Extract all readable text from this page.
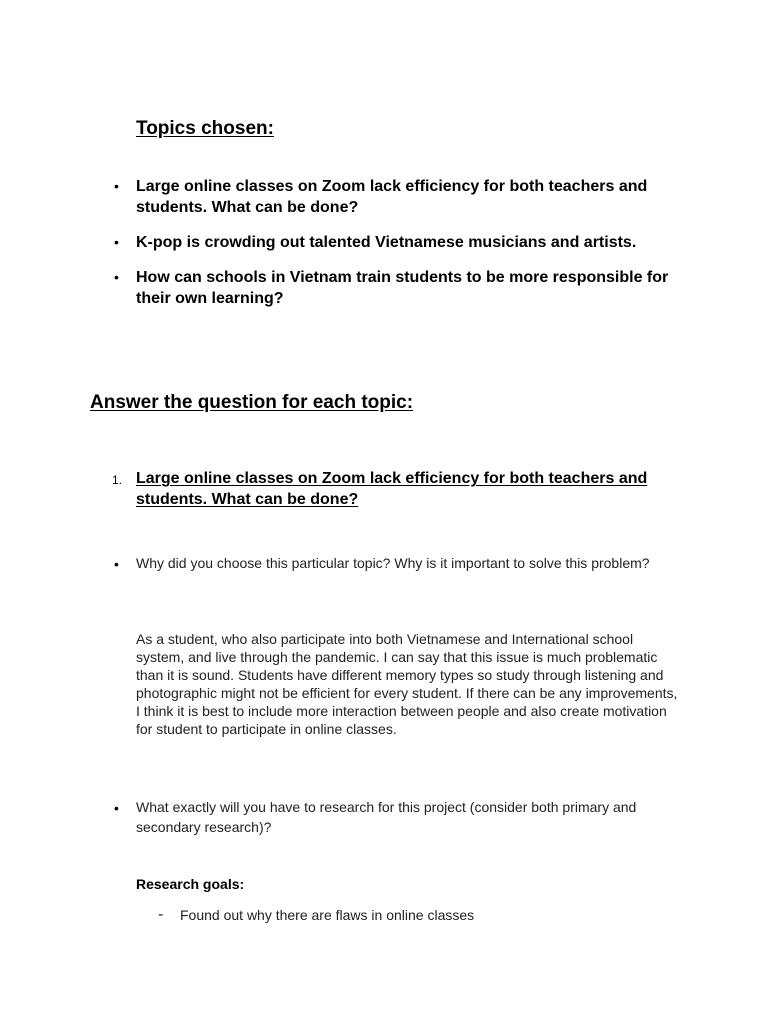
Topics chosen:
• Large online classes on Zoom lack efficiency for both teachers and students. What can be done?
• K-pop is crowding out talented Vietnamese musicians and artists.
• How can schools in Vietnam train students to be more responsible for their own learning?
Answer the question for each topic:
1. Large online classes on Zoom lack efficiency for both teachers and students. What can be done?
• Why did you choose this particular topic? Why is it important to solve this problem?
As a student, who also participate into both Vietnamese and International school system, and live through the pandemic. I can say that this issue is much problematic than it is sound. Students have different memory types so study through listening and photographic might not be efficient for every student. If there can be any improvements, I think it is best to include more interaction between people and also create motivation for student to participate in online classes.
• What exactly will you have to research for this project (consider both primary and secondary research)?
Research goals:
- Found out why there are flaws in online classes
